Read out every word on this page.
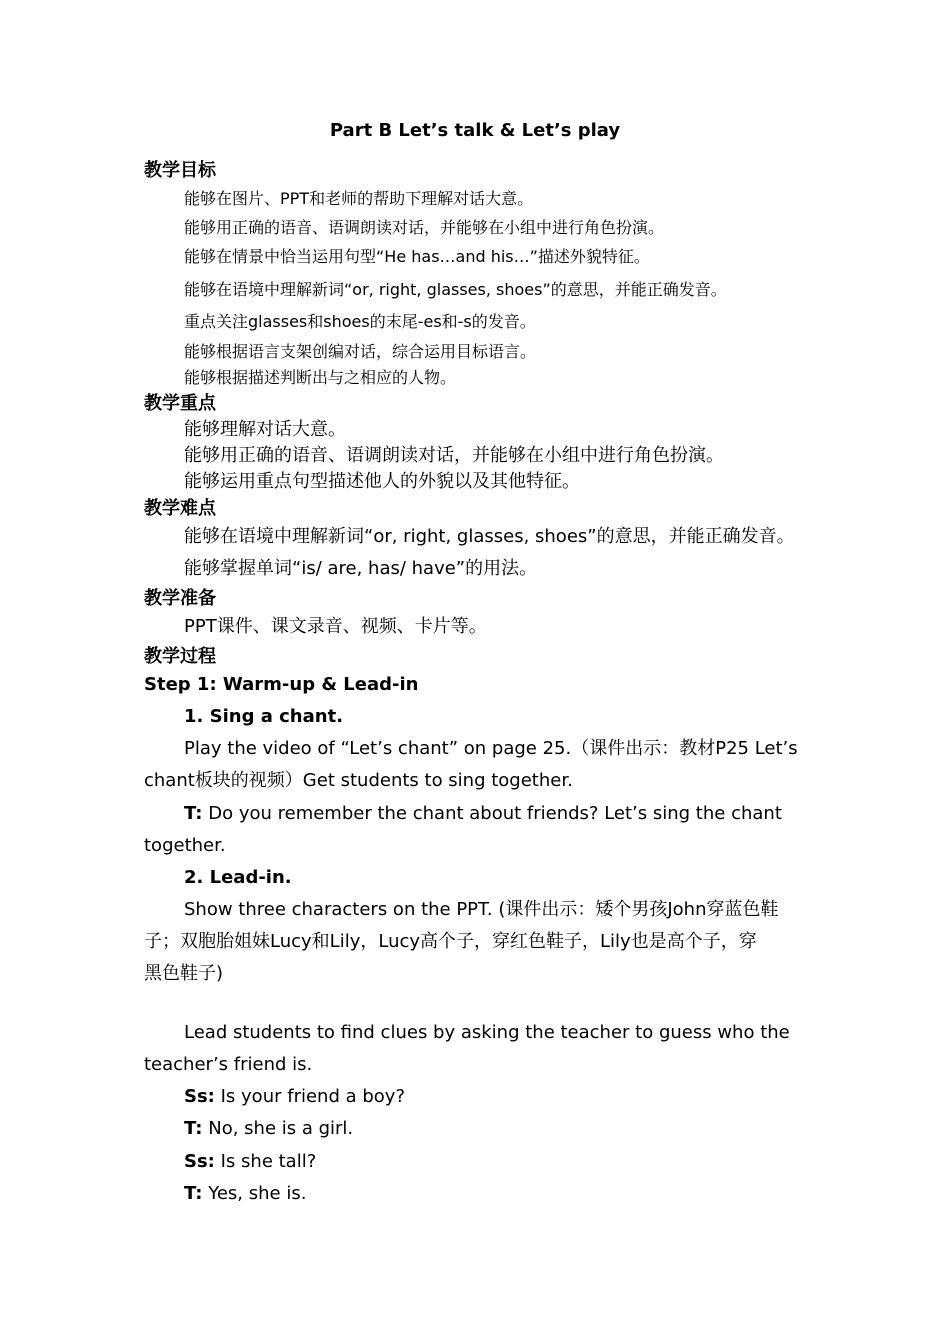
Part B Let’s talk & Let’s play
教学目标
能够在图片、PPT和老师的帮助下理解对话大意。
能够用正确的语音、语调朗读对话，并能够在小组中进行角色扮演。
能够在情景中恰当运用句型“He has…and his…”描述外貌特征。
能够在语境中理解新词“or, right, glasses, shoes”的意思，并能正确发音。
重点关注glasses和shoes的末尾-es和-s的发音。
能够根据语言支架创编对话，综合运用目标语言。
能够根据描述判断出与之相应的人物。
教学重点
能够理解对话大意。
能够用正确的语音、语调朗读对话，并能够在小组中进行角色扮演。
能够运用重点句型描述他人的外貌以及其他特征。
教学难点
能够在语境中理解新词“or, right, glasses, shoes”的意思，并能正确发音。
能够掌握单词“is/ are, has/ have”的用法。
教学准备
PPT课件、课文录音、视频、卡片等。
教学过程
Step 1: Warm-up & Lead-in
1. Sing a chant.
Play the video of “Let’s chant” on page 25.（课件出示：教材P25 Let’s
chant板块的视频）Get students to sing together.
T: Do you remember the chant about friends? Let’s sing the chant
together.
2. Lead-in.
Show three characters on the PPT. (课件出示：矮个男孩John穿蓝色鞋
子；双胞胎姐妹Lucy和Lily，Lucy高个子，穿红色鞋子，Lily也是高个子，穿
黑色鞋子)
Lead students to find clues by asking the teacher to guess who the
teacher’s friend is.
Ss: Is your friend a boy?
T: No, she is a girl.
Ss: Is she tall?
T: Yes, she is.
